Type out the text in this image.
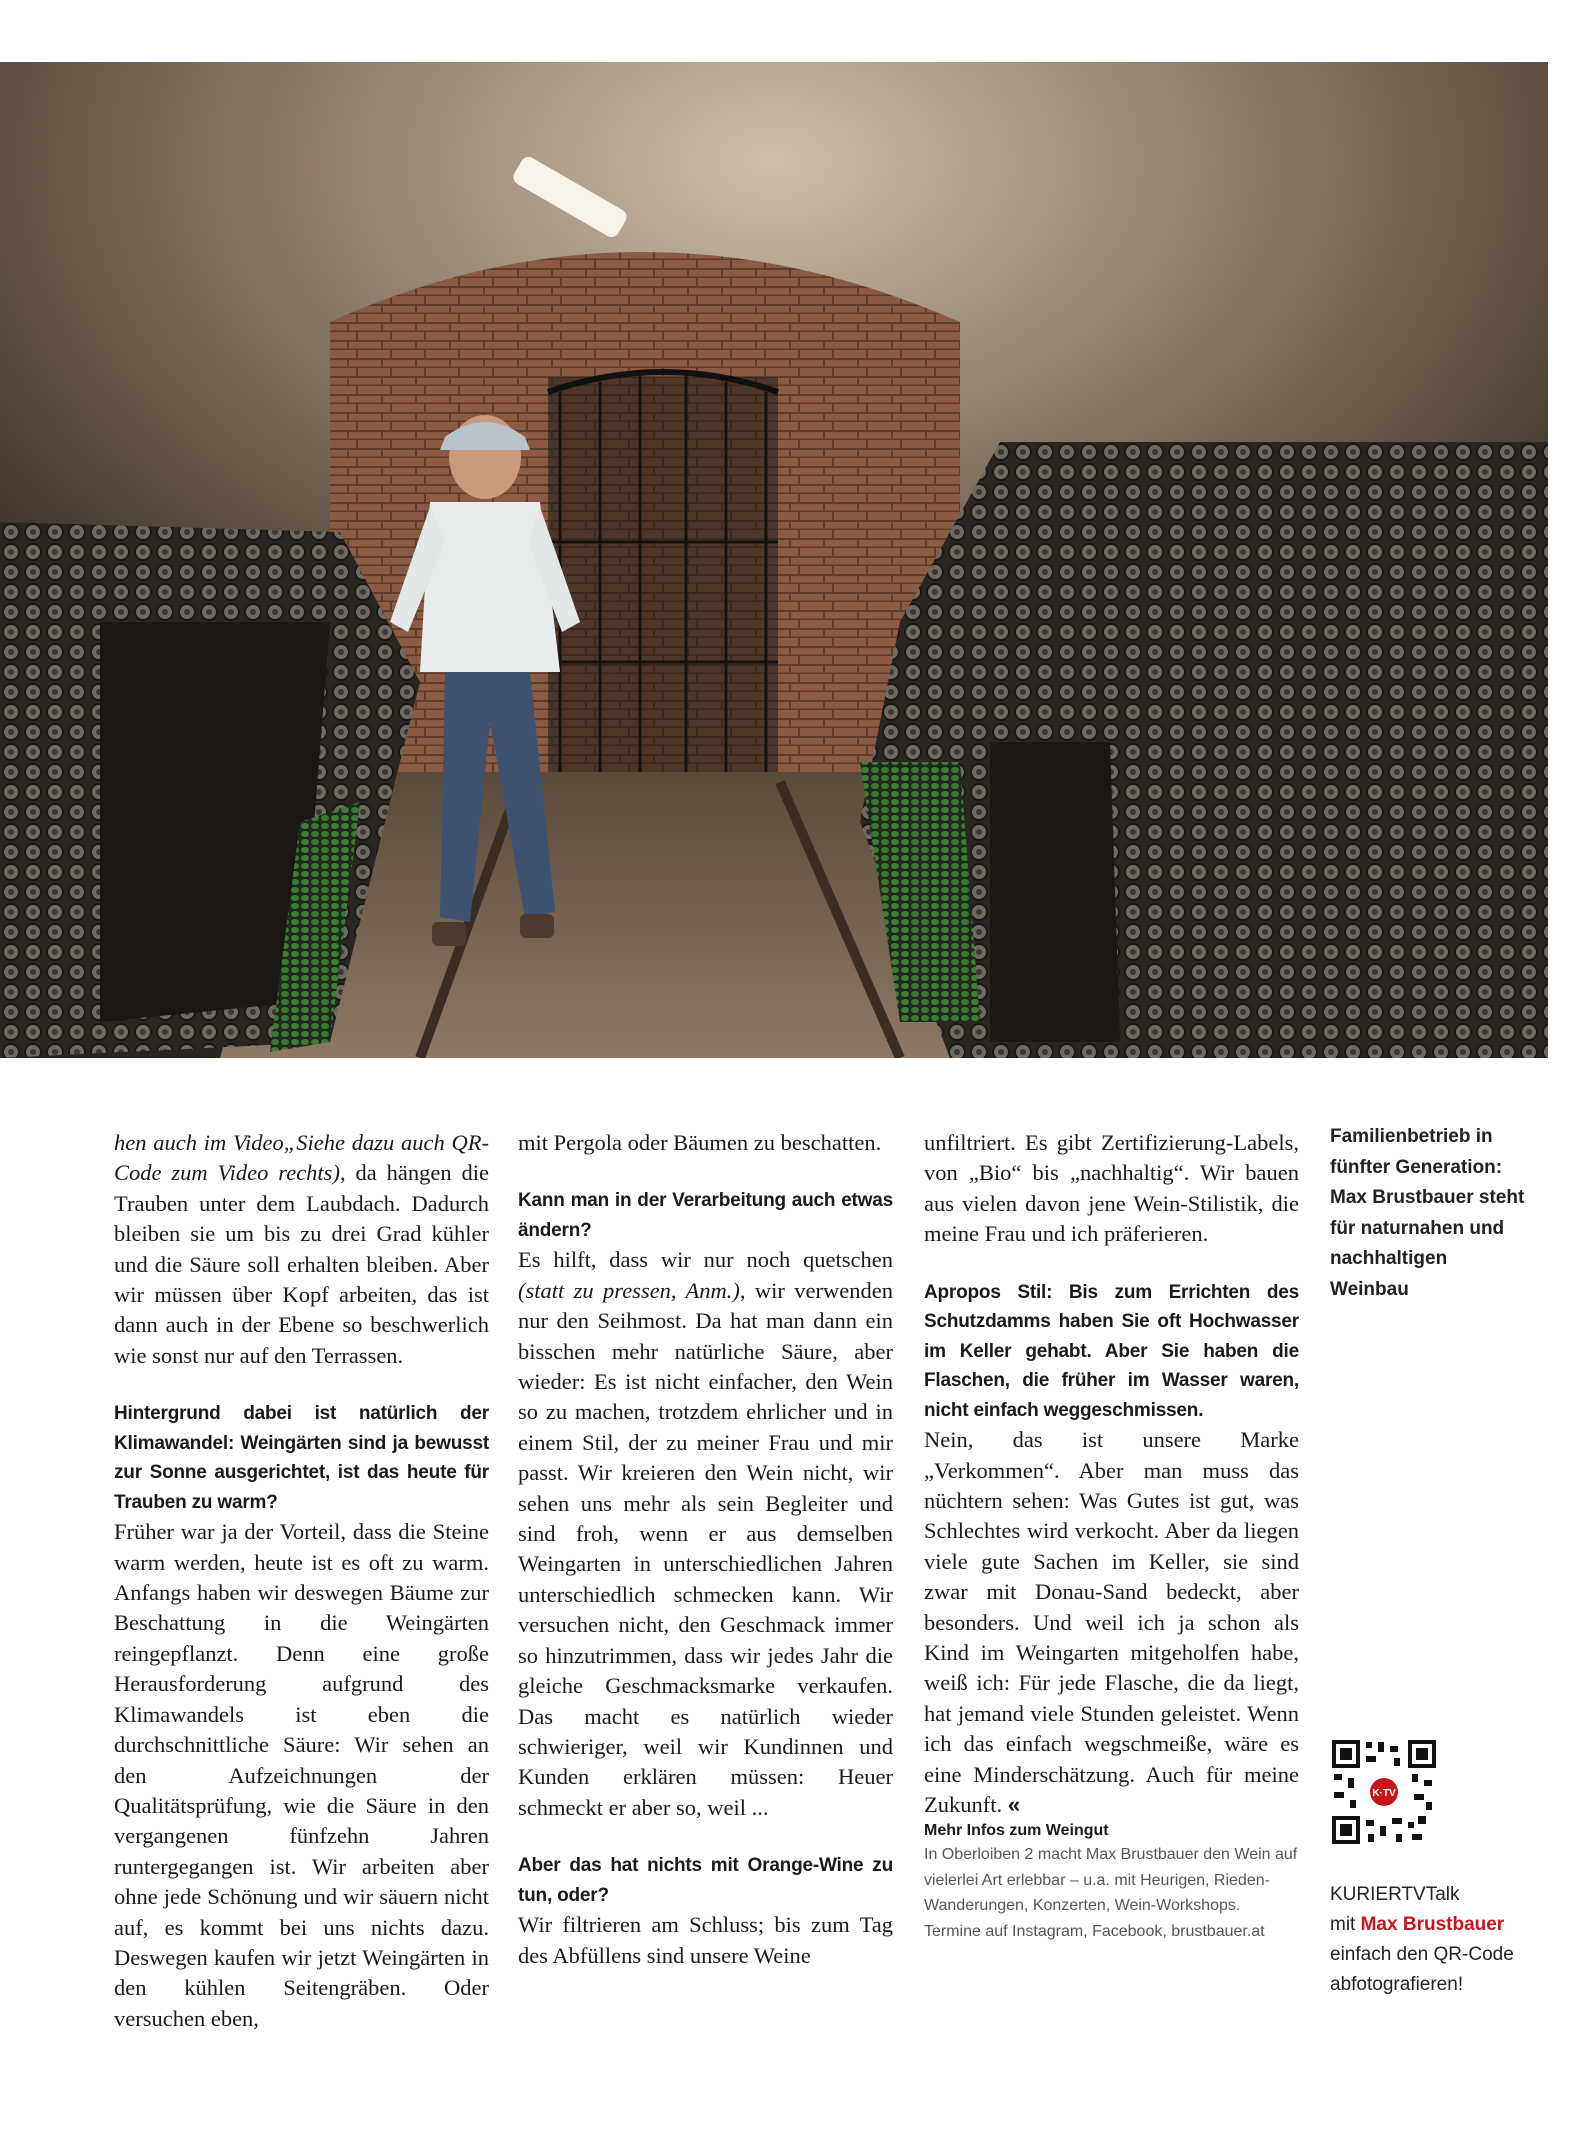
hen auch im Video„Siehe dazu auch QR-Code zum Video rechts), da hängen die Trauben unter dem Laubdach. Dadurch bleiben sie um bis zu drei Grad kühler und die Säure soll erhalten bleiben. Aber wir müssen über Kopf arbeiten, das ist dann auch in der Ebene so beschwerlich wie sonst nur auf den Terrassen.

Hintergrund dabei ist natürlich der Klimawandel: Weingärten sind ja bewusst zur Sonne ausgerichtet, ist das heute für Trauben zu warm?

Früher war ja der Vorteil, dass die Steine warm werden, heute ist es oft zu warm. Anfangs haben wir deswegen Bäume zur Beschattung in die Weingärten reingepflanzt. Denn eine große Herausforderung aufgrund des Klimawandels ist eben die durchschnittliche Säure: Wir sehen an den Aufzeichnungen der Qualitätsprüfung, wie die Säure in den vergangenen fünfzehn Jahren runtergegangen ist. Wir arbeiten aber ohne jede Schönung und wir säuern nicht auf, es kommt bei uns nichts dazu. Deswegen kaufen wir jetzt Weingärten in den kühlen Seitengräben. Oder versuchen eben,

mit Pergola oder Bäumen zu beschatten.

Kann man in der Verarbeitung auch etwas ändern?

Es hilft, dass wir nur noch quetschen (statt zu pressen, Anm.), wir verwenden nur den Seihmost. Da hat man dann ein bisschen mehr natürliche Säure, aber wieder: Es ist nicht einfacher, den Wein so zu machen, trotzdem ehrlicher und in einem Stil, der zu meiner Frau und mir passt. Wir kreieren den Wein nicht, wir sehen uns mehr als sein Begleiter und sind froh, wenn er aus demselben Weingarten in unterschiedlichen Jahren unterschiedlich schmecken kann. Wir versuchen nicht, den Geschmack immer so hinzutrimmen, dass wir jedes Jahr die gleiche Geschmacksmarke verkaufen. Das macht es natürlich wieder schwieriger, weil wir Kundinnen und Kunden erklären müssen: Heuer schmeckt er aber so, weil ...

Aber das hat nichts mit Orange-Wine zu tun, oder?

Wir filtrieren am Schluss; bis zum Tag des Abfüllens sind unsere Weine

unfiltriert. Es gibt Zertifizierung-Labels, von „Bio“ bis „nachhaltig“. Wir bauen aus vielen davon jene Wein-Stilistik, die meine Frau und ich präferieren.

Apropos Stil: Bis zum Errichten des Schutzdamms haben Sie oft Hochwasser im Keller gehabt. Aber Sie haben die Flaschen, die früher im Wasser waren, nicht einfach weggeschmissen.

Nein, das ist unsere Marke „Verkommen“. Aber man muss das nüchtern sehen: Was Gutes ist gut, was Schlechtes wird verkocht. Aber da liegen viele gute Sachen im Keller, sie sind zwar mit Donau-Sand bedeckt, aber besonders. Und weil ich ja schon als Kind im Weingarten mitgeholfen habe, weiß ich: Für jede Flasche, die da liegt, hat jemand viele Stunden geleistet. Wenn ich das einfach wegschmeiße, wäre es eine Minderschätzung. Auch für meine Zukunft. «

Mehr Infos zum Weingut

In Oberloiben 2 macht Max Brustbauer den Wein auf vielerlei Art erlebbar – u.a. mit Heurigen, Rieden-Wanderungen, Konzerten, Wein-Workshops. Termine auf Instagram, Facebook, brustbauer.at

Familienbetrieb in fünfter Generation: Max Brustbauer steht für naturnahen und nachhaltigen Weinbau
K·TV
KURIERTVTalk
mit Max Brustbauer
einfach den QR-Code abfotografieren!
